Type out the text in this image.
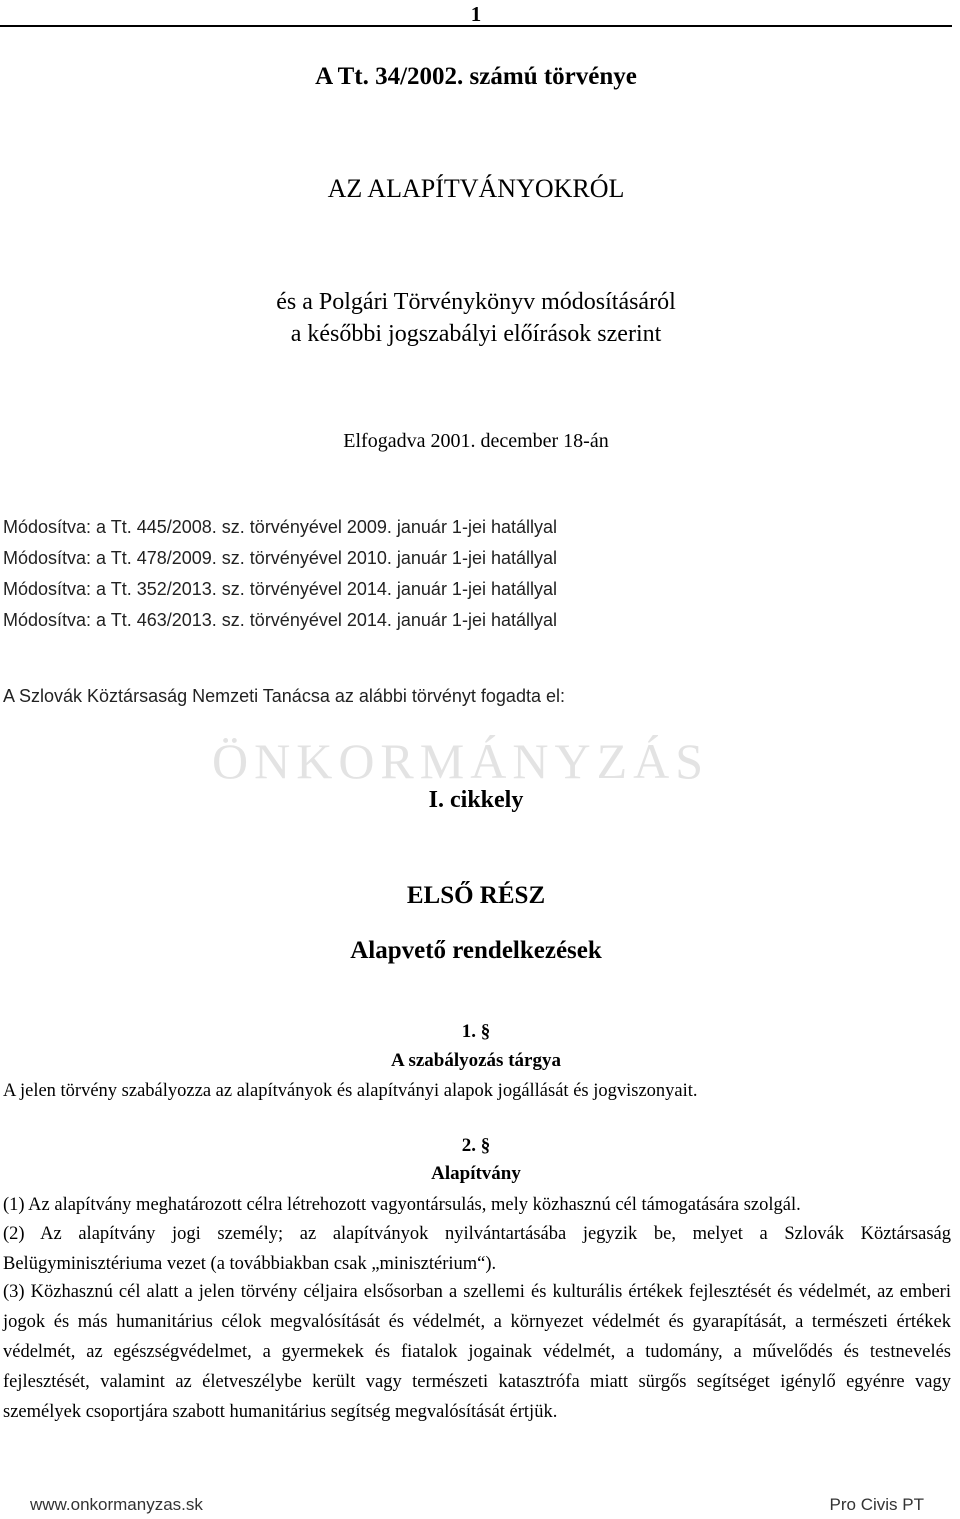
1
A Tt. 34/2002. számú törvénye
AZ ALAPÍTVÁNYOKRÓL
és a Polgári Törvénykönyv módosításáról
a későbbi jogszabályi előírások szerint
Elfogadva 2001. december 18-án
Módosítva: a Tt. 445/2008. sz. törvényével 2009. január 1-jei hatállyal
Módosítva: a Tt. 478/2009. sz. törvényével 2010. január 1-jei hatállyal
Módosítva: a Tt. 352/2013. sz. törvényével 2014. január 1-jei hatállyal
Módosítva: a Tt. 463/2013. sz. törvényével 2014. január 1-jei hatállyal
A Szlovák Köztársaság Nemzeti Tanácsa az alábbi törvényt fogadta el:
ÖNKORMÁNYZÁS
I. cikkely
ELSŐ RÉSZ
Alapvető rendelkezések
1. §
A szabályozás tárgya
A jelen törvény szabályozza az alapítványok és alapítványi alapok jogállását és jogviszonyait.
2. §
Alapítvány
(1) Az alapítvány meghatározott célra létrehozott vagyontársulás, mely közhasznú cél támogatására szolgál.
(2) Az alapítvány jogi személy; az alapítványok nyilvántartásába jegyzik be, melyet a Szlovák Köztársaság Belügyminisztériuma vezet (a továbbiakban csak „minisztérium“).
(3) Közhasznú cél alatt a jelen törvény céljaira elsősorban a szellemi és kulturális értékek fejlesztését és védelmét, az emberi jogok és más humanitárius célok megvalósítását és védelmét, a környezet védelmét és gyarapítását, a természeti értékek védelmét, az egészségvédelmet, a gyermekek és fiatalok jogainak védelmét, a tudomány, a művelődés és testnevelés fejlesztését, valamint az életveszélybe került vagy természeti katasztrófa miatt sürgős segítséget igénylő egyénre vagy személyek csoportjára szabott humanitárius segítség megvalósítását értjük.
www.onkormanyzas.sk	Pro Civis PT
